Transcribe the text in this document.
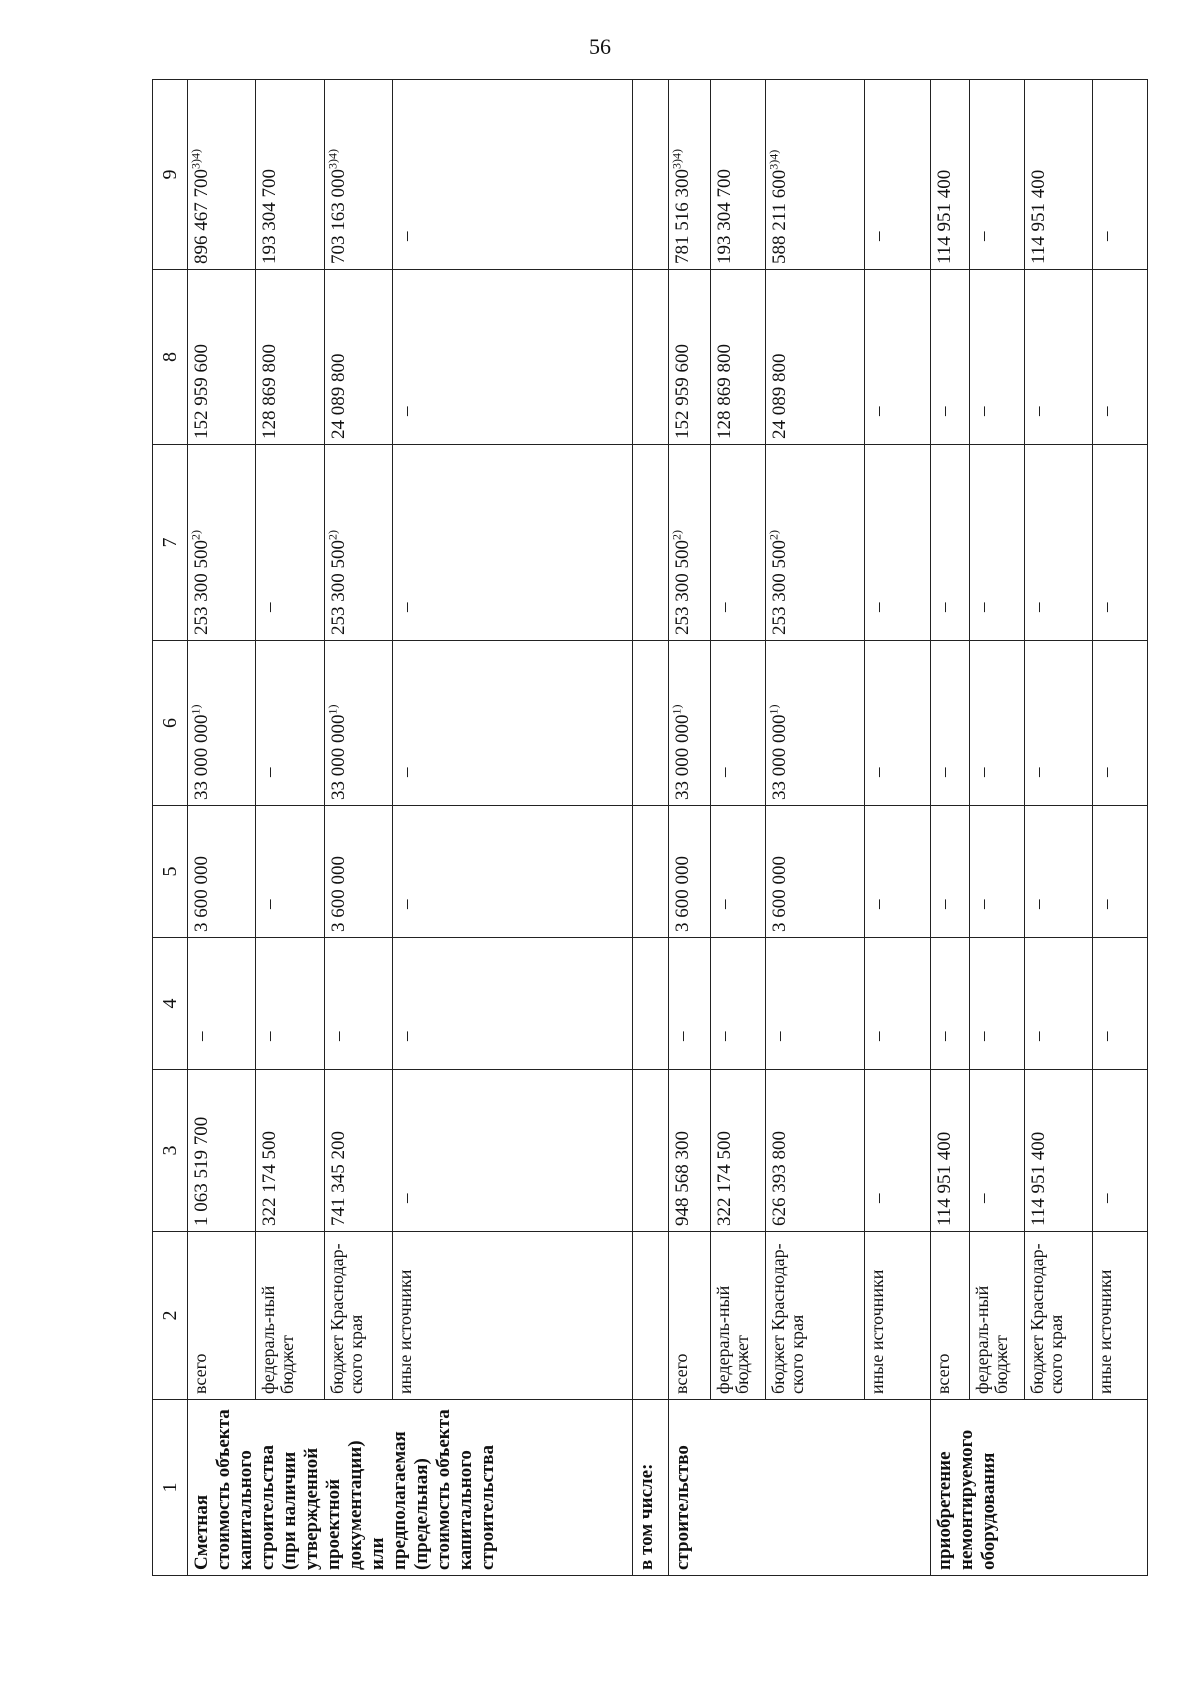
56
1	2	3	4	5	6	7	8	9
Сметная стоимость объекта капитального строительства (при наличии утвержденной проектной документации) или предполагаемая (предельная) стоимость объекта капитального строительства	всего	1 063 519 700	–	3 600 000	33 000 000$^{1)}$	253 300 500$^{2)}$	152 959 600	896 467 $700^{3)4)}$
	федераль-ный бюджет	322 174 500	–	–	–	–	128 869 800	193 304 700
	бюджет Краснодар-ского края	741 345 200	–	3 600 000	33 000 000$^{1)}$	253 300 500$^{2)}$	24 089 800	703 163 $000^{3)4)}$
	иные источники	–	–	–	–	–	–	–
в том числе:								
строительство	всего	948 568 300	–	3 600 000	33 000 000$^{1)}$	253 300 500$^{2)}$	152 959 600	781 516 $300^{3)4)}$
	федераль-ный бюджет	322 174 500	–	–	–	–	128 869 800	193 304 700
	бюджет Краснодар-ского края	626 393 800	–	3 600 000	33 000 000$^{1)}$	253 300 500$^{2)}$	24 089 800	588 211 $600^{3)4)}$
	иные источники	–	–	–	–	–	–	–
приобретение немонтируемого оборудования	всего	114 951 400	–	–	–	–	–	114 951 400
	федераль-ный бюджет	–	–	–	–	–	–	–
	бюджет Краснодар-ского края	114 951 400	–	–	–	–	–	114 951 400
	иные источники	–	–	–	–	–	–	–
